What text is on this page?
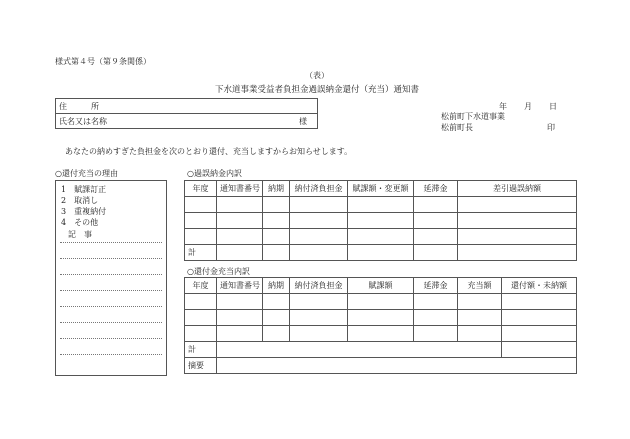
様式第４号（第９条関係）
（表）
下水道事業受益者負担金過誤納金還付（充当）通知書
住　　　所
氏名又は名称	様
年 月 日
松前町下水道事業
松前町長	印
あなたの納めすぎた負担金を次のとおり還付、充当しますからお知らせします。
○還付充当の理由
1　賦課訂正
2　取消し
3　重複納付
4　その他
記　事
○過誤納金内訳
年度	通知書番号	納期	納付済負担金	賦課額・変更額	延滞金	差引過誤納額

計						
○還付金充当内訳
年度	通知書番号	納期	納付済負担金	賦課額	延滞金	充当額	還付額・未納額

計							
摘要							
